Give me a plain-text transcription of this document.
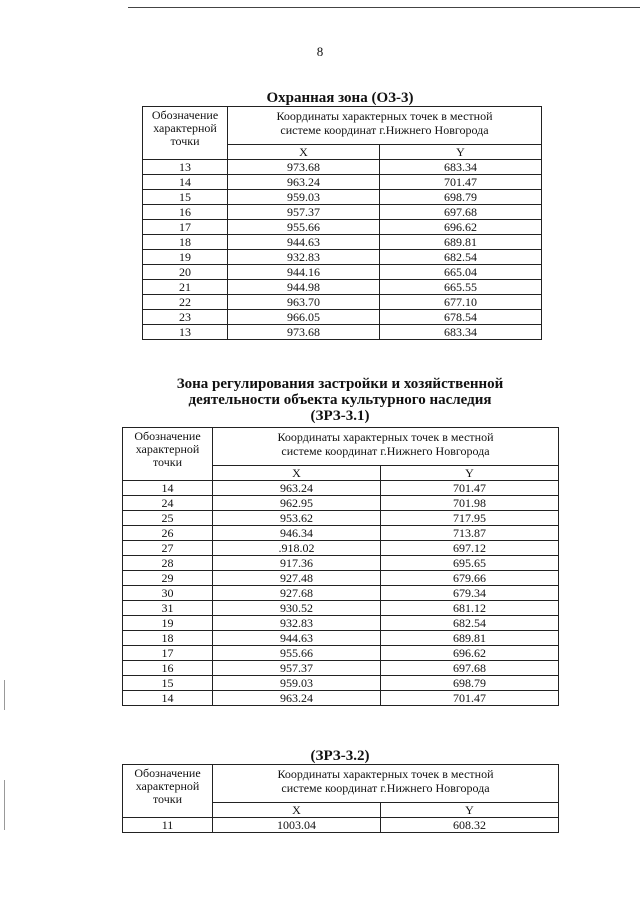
8
Охранная зона (ОЗ-3)
Обозначение
характерной
точки	Координаты характерных точек в местной
системе координат г.Нижнего Новгорода	
	X	Y
13	973.68	683.34
14	963.24	701.47
15	959.03	698.79
16	957.37	697.68
17	955.66	696.62
18	944.63	689.81
19	932.83	682.54
20	944.16	665.04
21	944.98	665.55
22	963.70	677.10
23	966.05	678.54
13	973.68	683.34
Зона регулирования застройки и хозяйственной
деятельности объекта культурного наследия
(ЗРЗ-3.1)
Обозначение
характерной
точки	Координаты характерных точек в местной
системе координат г.Нижнего Новгорода	
	X	Y
14	963.24	701.47
24	962.95	701.98
25	953.62	717.95
26	946.34	713.87
27	.918.02	697.12
28	917.36	695.65
29	927.48	679.66
30	927.68	679.34
31	930.52	681.12
19	932.83	682.54
18	944.63	689.81
17	955.66	696.62
16	957.37	697.68
15	959.03	698.79
14	963.24	701.47
(ЗРЗ-3.2)
Обозначение
характерной
точки	Координаты характерных точек в местной
системе координат г.Нижнего Новгорода	
	X	Y
11	1003.04	608.32
